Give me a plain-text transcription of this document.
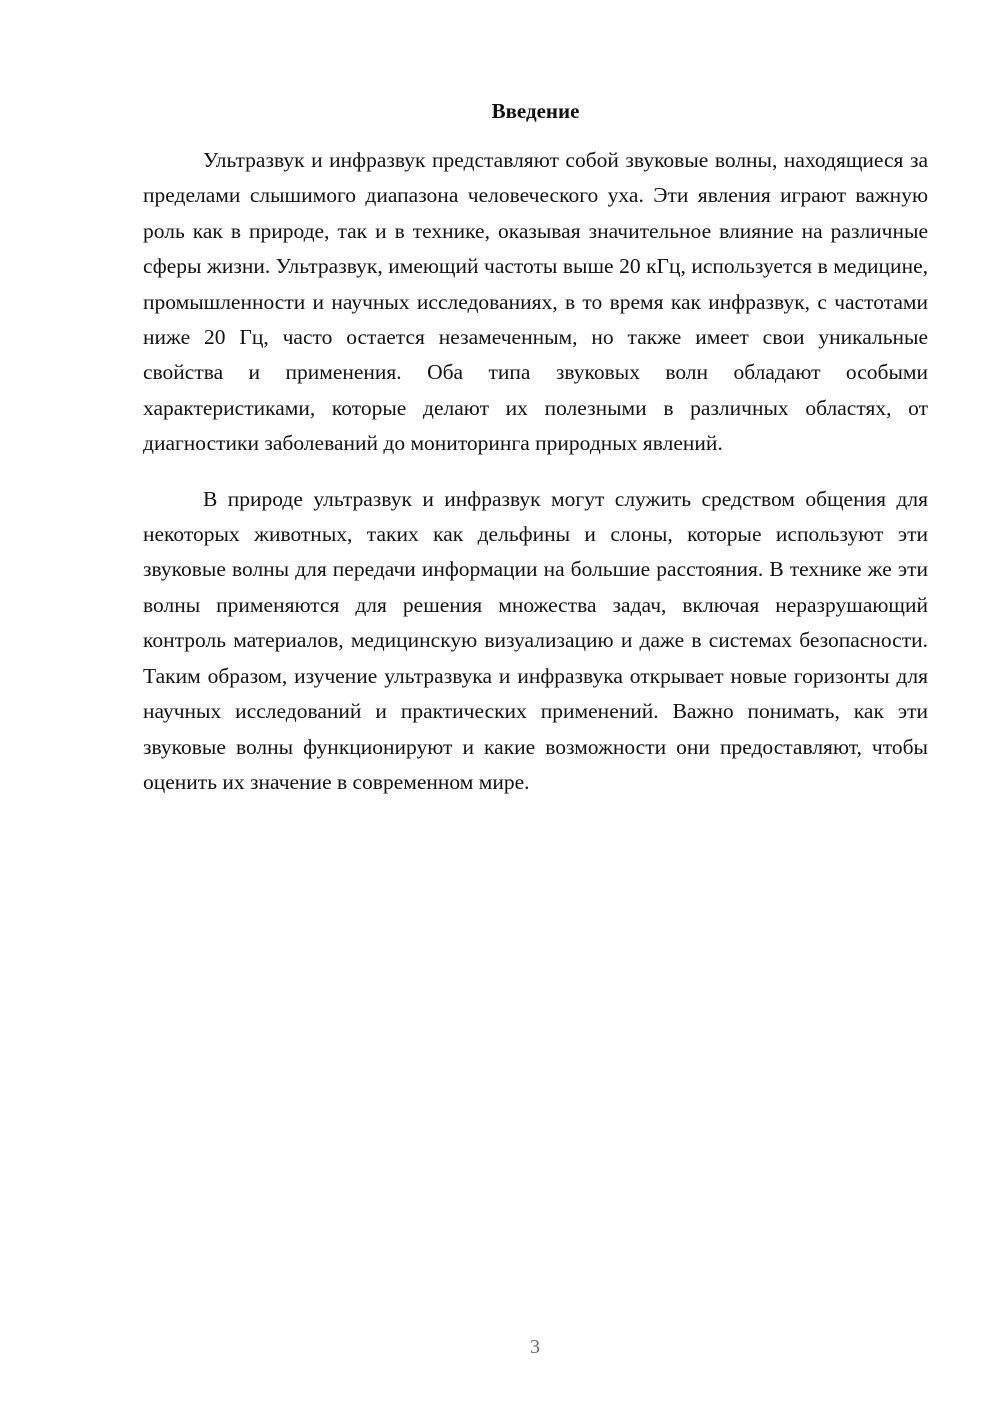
Введение

Ультразвук и инфразвук представляют собой звуковые волны, находящиеся за пределами слышимого диапазона человеческого уха. Эти явления играют важную роль как в природе, так и в технике, оказывая значительное влияние на различные сферы жизни. Ультразвук, имеющий частоты выше 20 кГц, используется в медицине, промышленности и научных исследованиях, в то время как инфразвук, с частотами ниже 20 Гц, часто остается незамеченным, но также имеет свои уникальные свойства и применения. Оба типа звуковых волн обладают особыми характеристиками, которые делают их полезными в различных областях, от диагностики заболеваний до мониторинга природных явлений.

В природе ультразвук и инфразвук могут служить средством общения для некоторых животных, таких как дельфины и слоны, которые используют эти звуковые волны для передачи информации на большие расстояния. В технике же эти волны применяются для решения множества задач, включая неразрушающий контроль материалов, медицинскую визуализацию и даже в системах безопасности. Таким образом, изучение ультразвука и инфразвука открывает новые горизонты для научных исследований и практических применений. Важно понимать, как эти звуковые волны функционируют и какие возможности они предоставляют, чтобы оценить их значение в современном мире.

3
